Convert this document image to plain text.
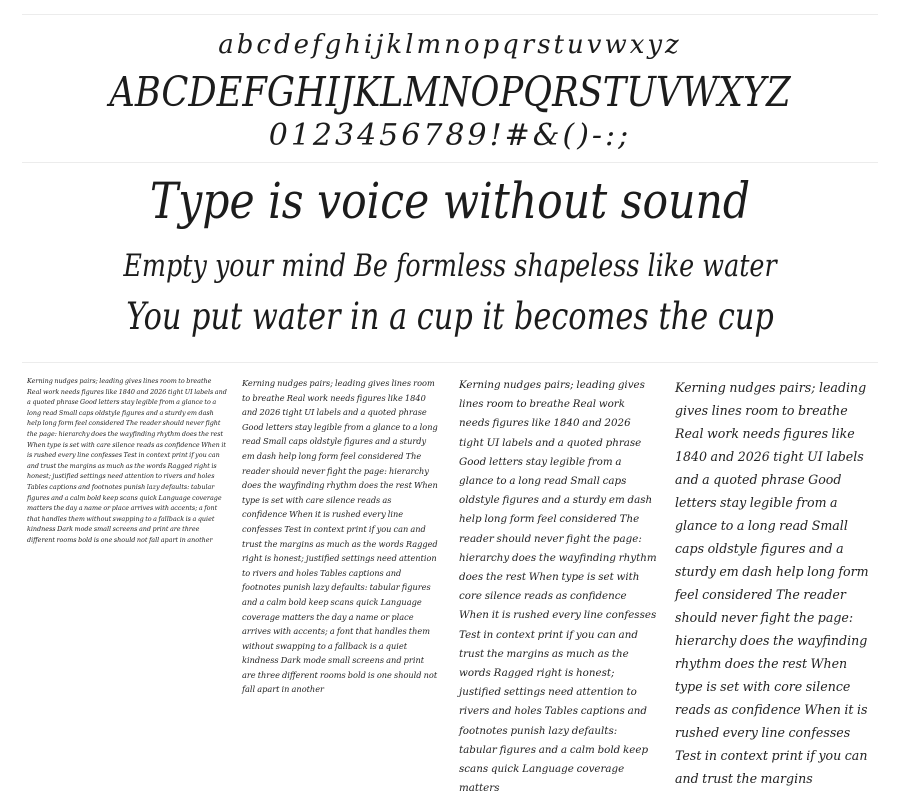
abcdefghijklmnopqrstuvwxyz
ABCDEFGHIJKLMNOPQRSTUVWXYZ
0123456789!#&()-:;
Type is voice without sound
Empty your mind Be formless shapeless like water
You put water in a cup it becomes the cup
Kerning nudges pairs; leading gives lines room to breathe Real work needs figures like 1840 and 2026 tight UI labels and a quoted phrase Good letters stay legible from a glance to a long read Small caps oldstyle figures and a sturdy em dash help long form feel considered The reader should never fight the page: hierarchy does the wayfinding rhythm does the rest When type is set with care silence reads as confidence When it is rushed every line confesses Test in context print if you can and trust the margins as much as the words Ragged right is honest; justified settings need attention to rivers and holes Tables captions and footnotes punish lazy defaults: tabular figures and a calm bold keep scans quick Language coverage matters the day a name or place arrives with accents; a font that handles them without swapping to a fallback is a quiet kindness Dark mode small screens and print are three different rooms bold is one should not fall apart in another
Kerning nudges pairs; leading gives lines room to breathe Real work needs figures like 1840 and 2026 tight UI labels and a quoted phrase Good letters stay legible from a glance to a long read Small caps oldstyle figures and a sturdy em dash help long form feel considered The reader should never fight the page: hierarchy does the wayfinding rhythm does the rest When type is set with care silence reads as confidence When it is rushed every line confesses Test in context print if you can and trust the margins as much as the words Ragged right is honest; justified settings need attention to rivers and holes Tables captions and footnotes punish lazy defaults: tabular figures and a calm bold keep scans quick Language coverage matters the day a name or place arrives with accents; a font that handles them without swapping to a fallback is a quiet kindness Dark mode small screens and print are three different rooms bold is one should not fall apart in another
Kerning nudges pairs; leading gives lines room to breathe Real work needs figures like 1840 and 2026 tight UI labels and a quoted phrase Good letters stay legible from a glance to a long read Small caps oldstyle figures and a sturdy em dash help long form feel considered The reader should never fight the page: hierarchy does the wayfinding rhythm does the rest When type is set with core silence reads as confidence When it is rushed every line confesses Test in context print if you can and trust the margins as much as the words Ragged right is honest; justified settings need attention to rivers and holes Tables captions and footnotes punish lazy defaults: tabular figures and a calm bold keep scans quick Language coverage matters
Kerning nudges pairs; leading gives lines room to breathe Real work needs figures like 1840 and 2026 tight UI labels and a quoted phrase Good letters stay legible from a glance to a long read Small caps oldstyle figures and a sturdy em dash help long form feel considered The reader should never fight the page: hierarchy does the wayfinding rhythm does the rest When type is set with core silence reads as confidence When it is rushed every line confesses Test in context print if you can and trust the margins
